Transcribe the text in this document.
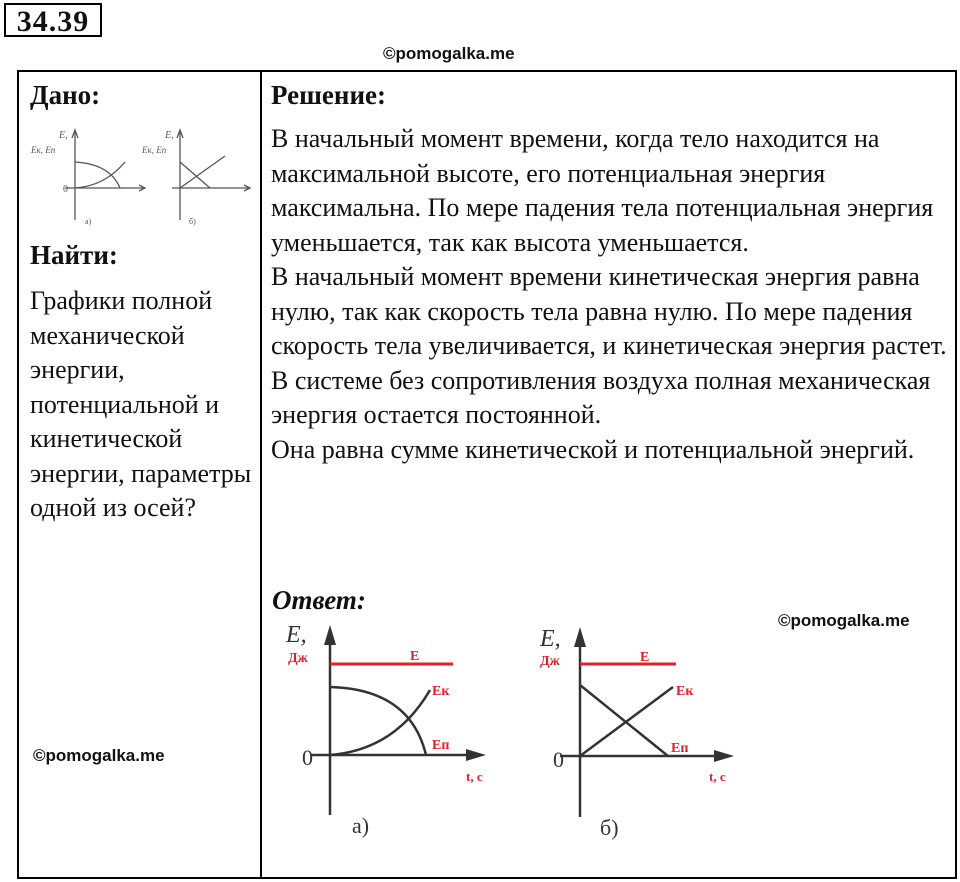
34.39
©pomogalka.me
Дано:
E,
Eк, Eп
0
а)
E,
Eк, Eп
б)
Найти:
Графики полной механической энергии, потенциальной и кинетической энергии, параметры одной из осей?
©pomogalka.me
Решение:

В начальный момент времени, когда тело находится на максимальной высоте, его потенциальная энергия максимальна. По мере падения тела потенциальная энергия уменьшается, так как высота уменьшается.

В начальный момент времени кинетическая энергия равна нулю, так как скорость тела равна нулю. По мере падения скорость тела увеличивается, и кинетическая энергия растет.

В системе без сопротивления воздуха полная механическая энергия остается постоянной.

Она равна сумме кинетической и потенциальной энергий.

Ответ:
©pomogalka.me
E,
Дж	E
Eк
Eп
0
t, c
а)
E,
Дж	E
Eк
Eп
0
t, c
б)
